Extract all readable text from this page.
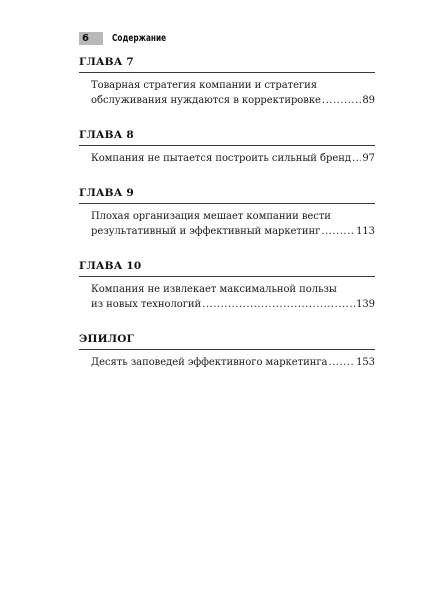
6	Содержание
ГЛАВА 7
Товарная стратегия компании и стратегия
обслуживания нуждаются в корректировке .....	89
ГЛАВА 8
Компания не пытается построить сильный бренд ..... 97
ГЛАВА 9
Плохая организация мешает компании вести
результативный и эффективный маркетинг .....	113
ГЛАВА 10
Компания не извлекает максимальной пользы
из новых технологий .....	139
ЭПИЛОГ
Десять заповедей эффективного маркетинга .....	153
